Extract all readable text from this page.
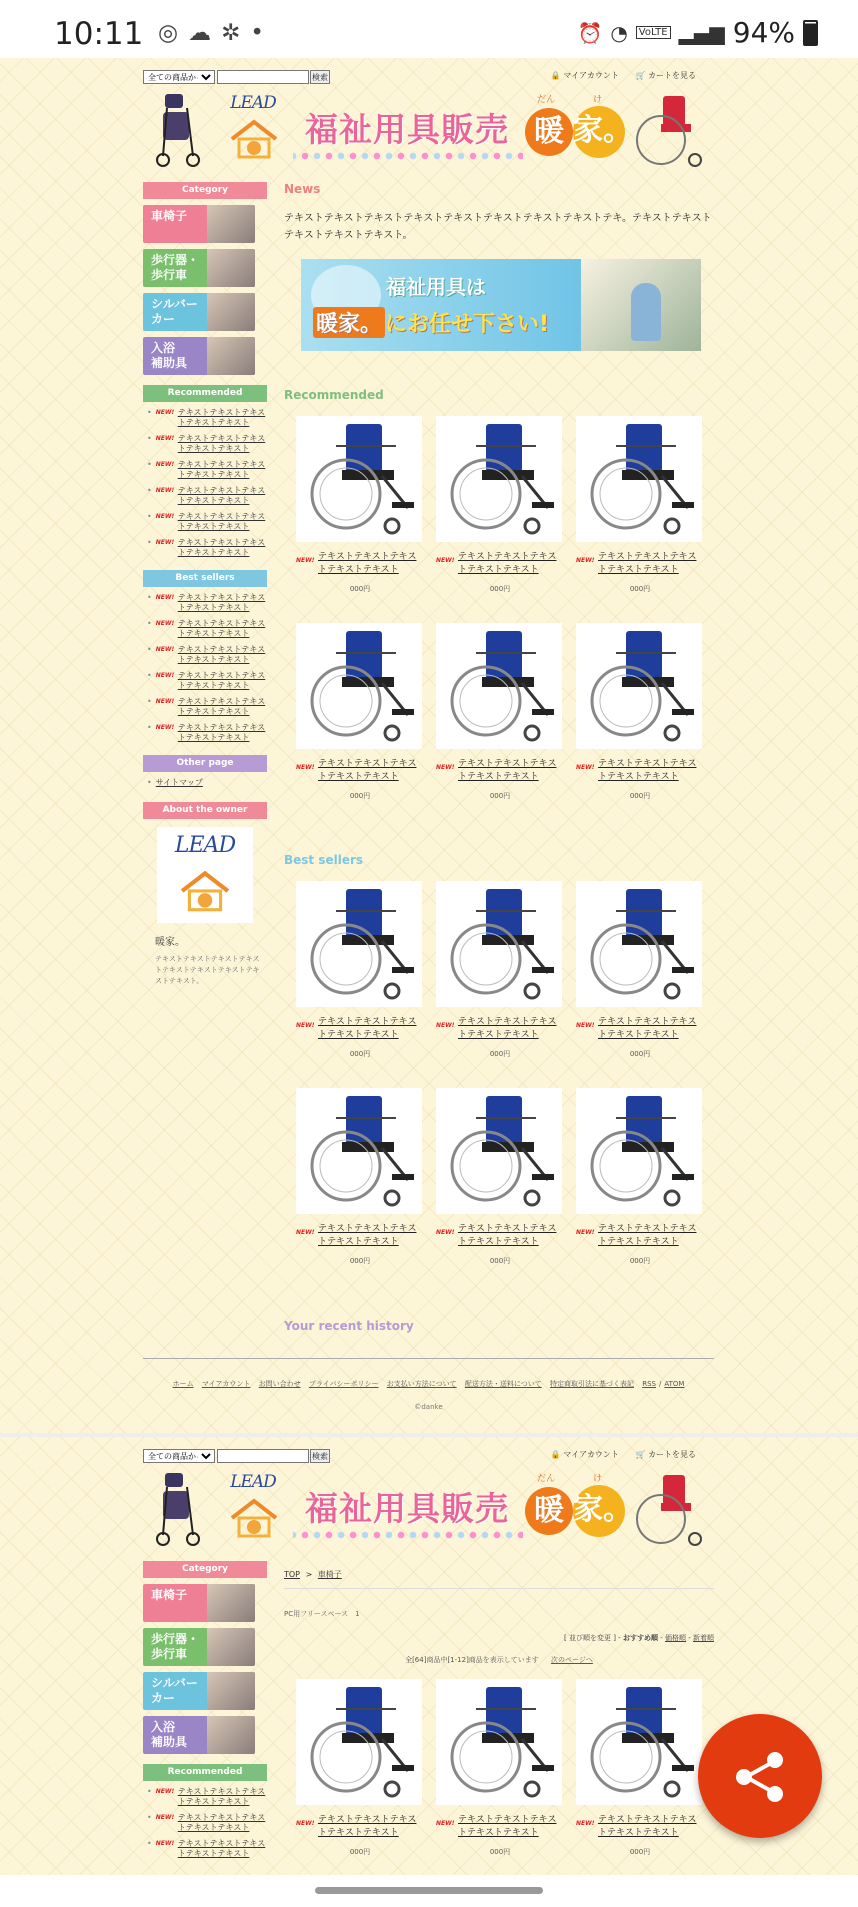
10:11 ◎☁✲•	⏰ ◔	VoLTE ▂▄▆ 94%
全ての商品から
検索	🔒 マイアカウント 🛒 カートを見る
LEAD
福祉用具販売
だん	け
暖 家。
Category
車椅子
歩行器・
歩行車
シルバー
カー
入浴
補助具
Recommended
• NEW! テキストテキストテキストテキストテキスト
• NEW! テキストテキストテキストテキストテキスト
• NEW! テキストテキストテキストテキストテキスト
• NEW! テキストテキストテキストテキストテキスト
• NEW! テキストテキストテキストテキストテキスト
• NEW! テキストテキストテキストテキストテキスト
Best sellers
• NEW! テキストテキストテキストテキストテキスト
• NEW! テキストテキストテキストテキストテキスト
• NEW! テキストテキストテキストテキストテキスト
• NEW! テキストテキストテキストテキストテキスト
• NEW! テキストテキストテキストテキストテキスト
• NEW! テキストテキストテキストテキストテキスト
Other page
• サイトマップ
About the owner
LEAD
暖家。
テキストテキストテキストテキストテキストテキストテキストテキストテキスト。
News
テキストテキストテキストテキストテキストテキストテキストテキストテキ。テキストテキストテキストテキストテキスト。
福祉用具は
暖家。 にお任せ下さい!
Recommended
NEW! テキストテキストテキストテキストテキスト
000円
NEW! テキストテキストテキストテキストテキスト
000円
NEW! テキストテキストテキストテキストテキスト
000円
NEW! テキストテキストテキストテキストテキスト
000円
NEW! テキストテキストテキストテキストテキスト
000円
NEW! テキストテキストテキストテキストテキスト
000円
Best sellers
NEW! テキストテキストテキストテキストテキスト
000円
NEW! テキストテキストテキストテキストテキスト
000円
NEW! テキストテキストテキストテキストテキスト
000円
NEW! テキストテキストテキストテキストテキスト
000円
NEW! テキストテキストテキストテキストテキスト
000円
NEW! テキストテキストテキストテキストテキスト
000円
Your recent history
ホーム マイアカウント お問い合わせ プライバシーポリシー お支払い方法について 配送方法・送料について 特定商取引法に基づく表記 RSS / ATOM
©danke
全ての商品から
検索	🔒 マイアカウント 🛒 カートを見る
LEAD
福祉用具販売
だん	け
暖 家。
Category
車椅子
歩行器・
歩行車
シルバー
カー
入浴
補助具
Recommended
• NEW! テキストテキストテキストテキストテキスト
• NEW! テキストテキストテキストテキストテキスト
• NEW! テキストテキストテキストテキストテキスト
TOP > 車椅子
PC用フリースペース　1
[ 並び順を変更 ] - おすすめ順 - 価格順 - 新着順
全[64]商品中[1-12]商品を表示しています 次のページへ
NEW! テキストテキストテキストテキストテキスト
000円
NEW! テキストテキストテキストテキストテキスト
000円
NEW! テキストテキストテキストテキストテキスト
000円
